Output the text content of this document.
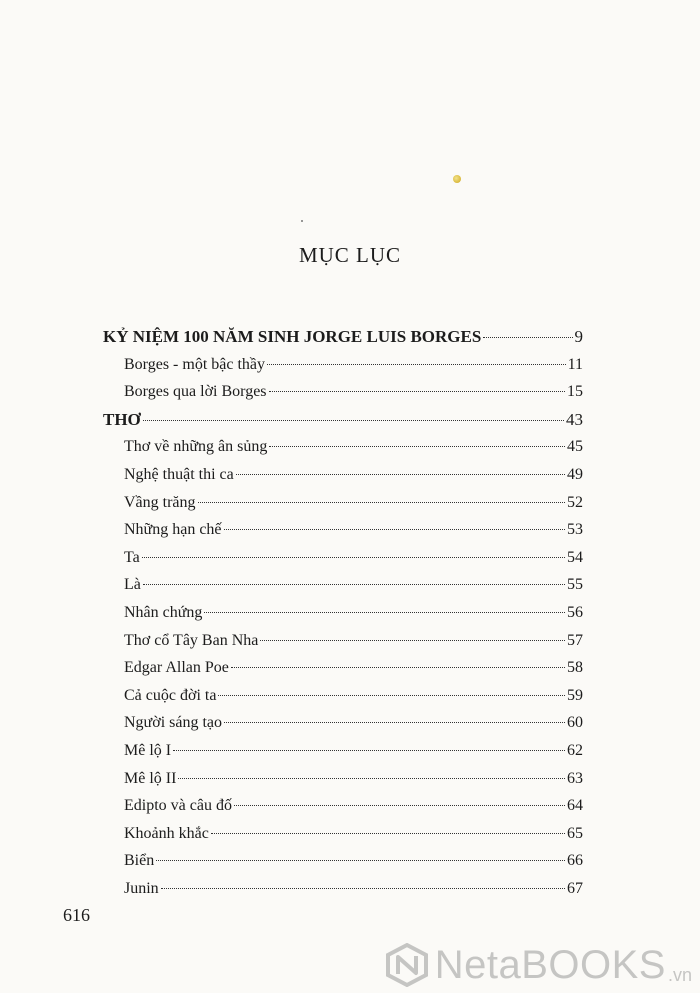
MỤC LỤC
KỶ NIỆM 100 NĂM SINH JORGE LUIS BORGES	9
Borges - một bậc thầy	11
Borges qua lời Borges	15
THƠ	43
Thơ về những ân sủng	45
Nghệ thuật thi ca	49
Vầng trăng	52
Những hạn chế	53
Ta	54
Là	55
Nhân chứng	56
Thơ cổ Tây Ban Nha	57
Edgar Allan Poe	58
Cả cuộc đời ta	59
Người sáng tạo	60
Mê lộ I	62
Mê lộ II	63
Edipto và câu đố	64
Khoảnh khắc	65
Biển	66
Junin	67
616
NetaBOOKS .vn
